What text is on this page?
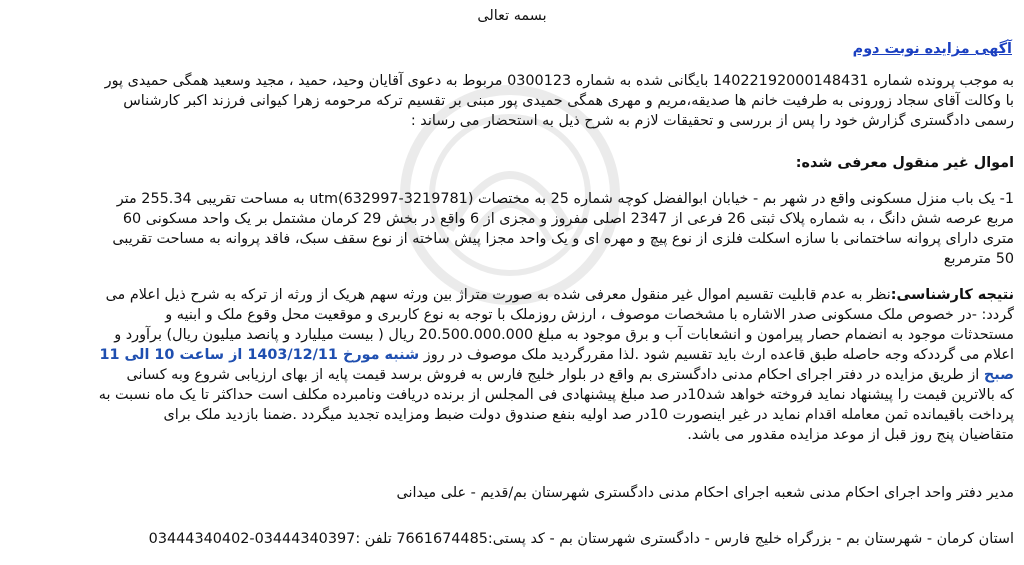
بسمه تعالی
آگهی مزایده نوبت دوم
به موجب پرونده شماره 14022192000148431 بایگانی شده به شماره 0300123 مربوط به دعوی آقایان وحید، حمید ، مجید وسعید همگی حمیدی پور
با وکالت آقای سجاد زورونی به طرفیت خانم ها صدیقه،مریم و مهری همگی حمیدی پور مبنی بر تقسیم ترکه مرحومه زهرا کیوانی فرزند اکبر کارشناس
رسمی دادگستری گزارش خود را پس از بررسی و تحقیقات لازم به شرح ذیل به استحضار می رساند :
اموال غیر منقول معرفی شده:
1- یک باب منزل مسکونی واقع در شهر بم - خیابان ابوالفضل کوچه شماره 25 به مختصات utm(632997-3219781) به مساحت تقریبی 255.34 متر
مربع عرصه شش دانگ ، به شماره پلاک ثبتی 26 فرعی از 2347 اصلی مفروز و مجزی از 6 واقع در بخش 29 کرمان مشتمل بر یک واحد مسکونی 60
متری دارای پروانه ساختمانی با سازه اسکلت فلزی از نوع پیچ و مهره ای و یک واحد مجزا پیش ساخته از نوع سقف سبک، فاقد پروانه به مساحت تقریبی
50 مترمربع
نتیجه کارشناسی:نظر به عدم قابلیت تقسیم اموال غیر منقول معرفی شده به صورت متراژ بین ورثه سهم هریک از ورثه از ترکه به شرح ذیل اعلام می
گردد: -در خصوص ملک مسکونی صدر الاشاره با مشخصات موصوف ، ارزش روزملک با توجه به نوع کاربری و موقعیت محل وقوع ملک و ابنیه و
مستحدثات موجود به انضمام حصار پیرامون و انشعابات آب و برق موجود به مبلغ 20.500.000.000 ریال ( بیست میلیارد و پانصد میلیون ریال) برآورد و
اعلام می گرددکه وجه حاصله طبق قاعده ارث باید تقسیم شود .لذا مقررگردید ملک موصوف در روز شنبه مورخ 1403/12/11 از ساعت 10 الی 11
صبح از طریق مزایده در دفتر اجرای احکام مدنی دادگستری بم واقع در بلوار خلیج فارس به فروش برسد قیمت پایه از بهای ارزیابی شروع وبه کسانی
که بالاترین قیمت را پیشنهاد نماید فروخته خواهد شد10در صد مبلغ پیشنهادی فی المجلس از برنده دریافت ونامبرده مکلف است حداکثر تا یک ماه نسبت به
پرداخت باقیمانده ثمن معامله اقدام نماید در غیر اینصورت 10در صد اولیه بنفع صندوق دولت ضبط ومزایده تجدید میگردد .ضمنا بازدید ملک برای
متقاضیان پنج روز قبل از موعد مزایده مقدور می باشد.
مدیر دفتر واحد اجرای احکام مدنی شعبه اجرای احکام مدنی دادگستری شهرستان بم/قدیم - علی میدانی
استان کرمان - شهرستان بم - بزرگراه خلیج فارس - دادگستری شهرستان بم - کد پستی:7661674485 تلفن :03444340397-03444340402
